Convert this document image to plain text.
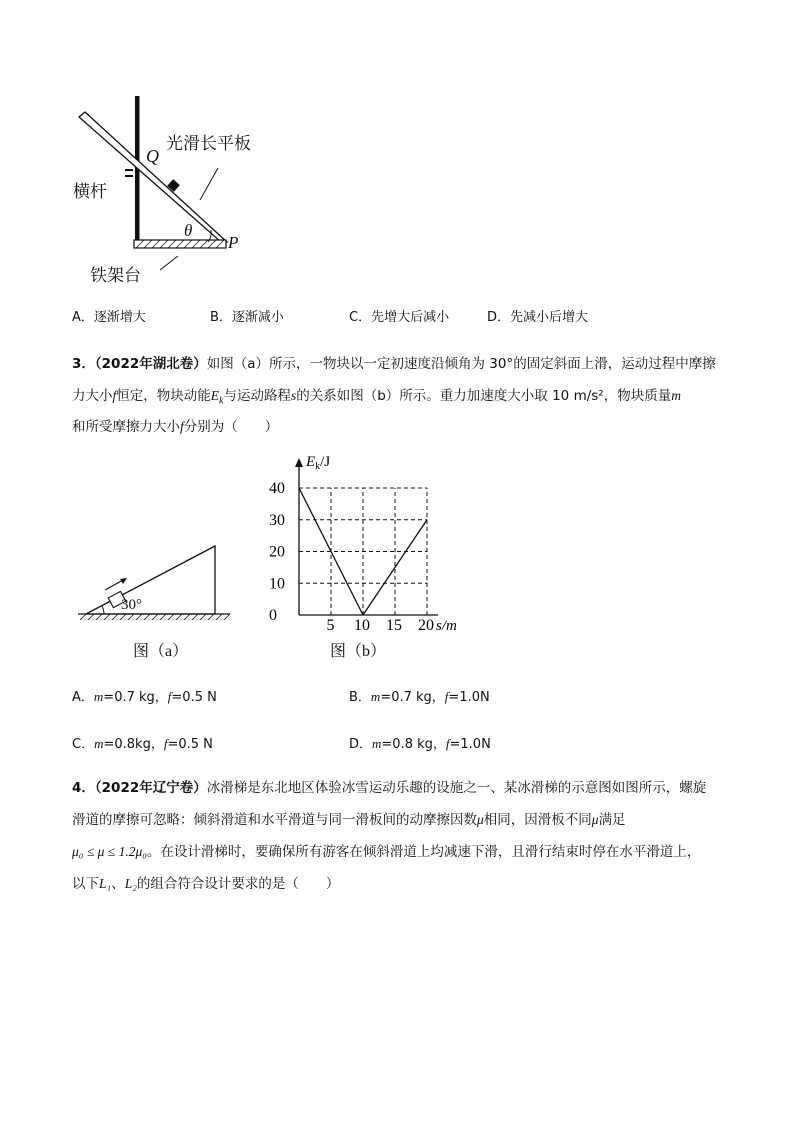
Q
光滑长平板
横杆
θ
P
铁架台
A．逐渐增大	B．逐渐减小	C．先增大后减小	D．先减小后增大
3．（2022年湖北卷）如图（a）所示，一物块以一定初速度沿倾角为 30°的固定斜面上滑，运动过程中摩擦
力大小f恒定，物块动能$E_k$与运动路程s的关系如图（b）所示。重力加速度大小取 10 m/s²，物块质量m
和所受摩擦力大小f分别为（　　）
30°
图（a）
0
10
20
30
40
5 10 15 20
$E_k/J$
s/m
图（b）
A．m=0.7 kg，f=0.5 N	B．m=0.7 kg，f=1.0N
C．m=0.8kg，f=0.5 N	D．m=0.8 kg，f=1.0N
4．（2022年辽宁卷）冰滑梯是东北地区体验冰雪运动乐趣的设施之一、某冰滑梯的示意图如图所示，螺旋
滑道的摩擦可忽略：倾斜滑道和水平滑道与同一滑板间的动摩擦因数μ相同，因滑板不同μ满足
μ₀ ≤ μ ≤ 1.2μ₀。在设计滑梯时，要确保所有游客在倾斜滑道上均减速下滑，且滑行结束时停在水平滑道上，
以下L₁、L₂的组合符合设计要求的是（　　）
